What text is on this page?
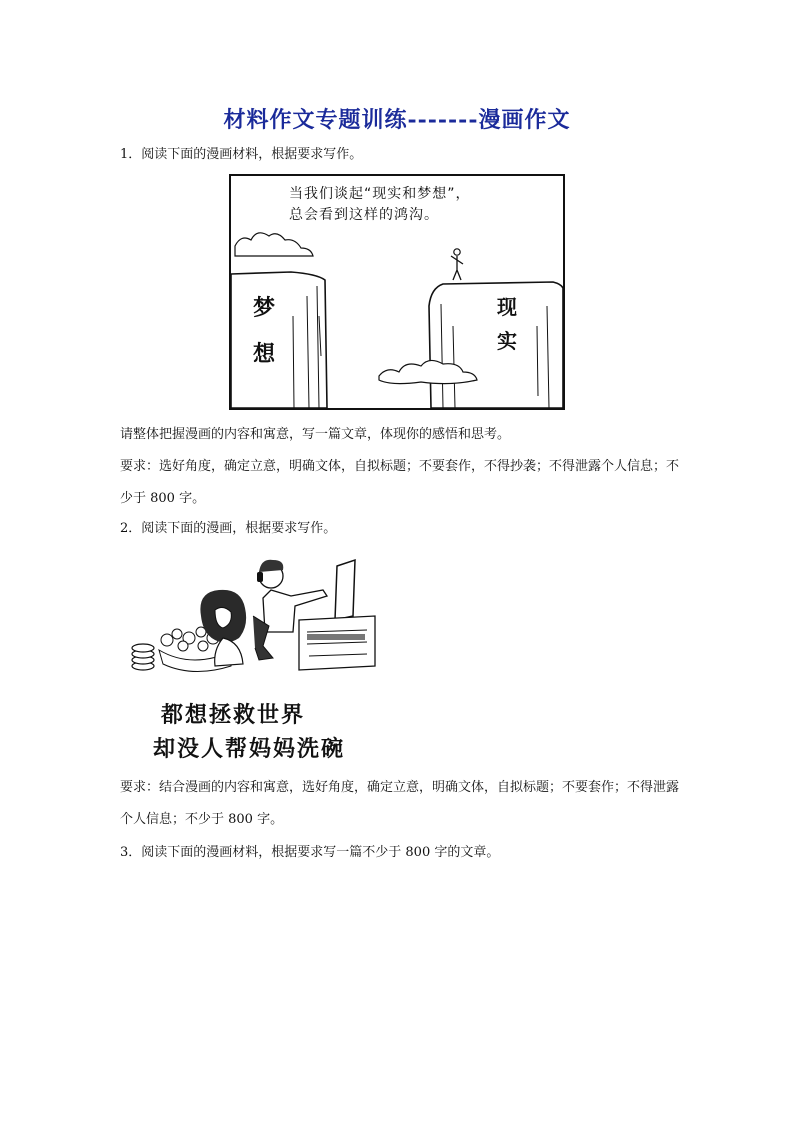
材料作文专题训练-------漫画作文
1．阅读下面的漫画材料，根据要求写作。
当我们谈起“现实和梦想”，
总会看到这样的鸿沟。
梦想
现实
请整体把握漫画的内容和寓意，写一篇文章，体现你的感悟和思考。
要求：选好角度，确定立意，明确文体，自拟标题；不要套作，不得抄袭；不得泄露个人信息；不少于 800 字。
2．阅读下面的漫画，根据要求写作。
都想拯救世界
却没人帮妈妈洗碗
要求：结合漫画的内容和寓意，选好角度，确定立意，明确文体，自拟标题；不要套作；不得泄露个人信息；不少于 800 字。
3．阅读下面的漫画材料，根据要求写一篇不少于 800 字的文章。
